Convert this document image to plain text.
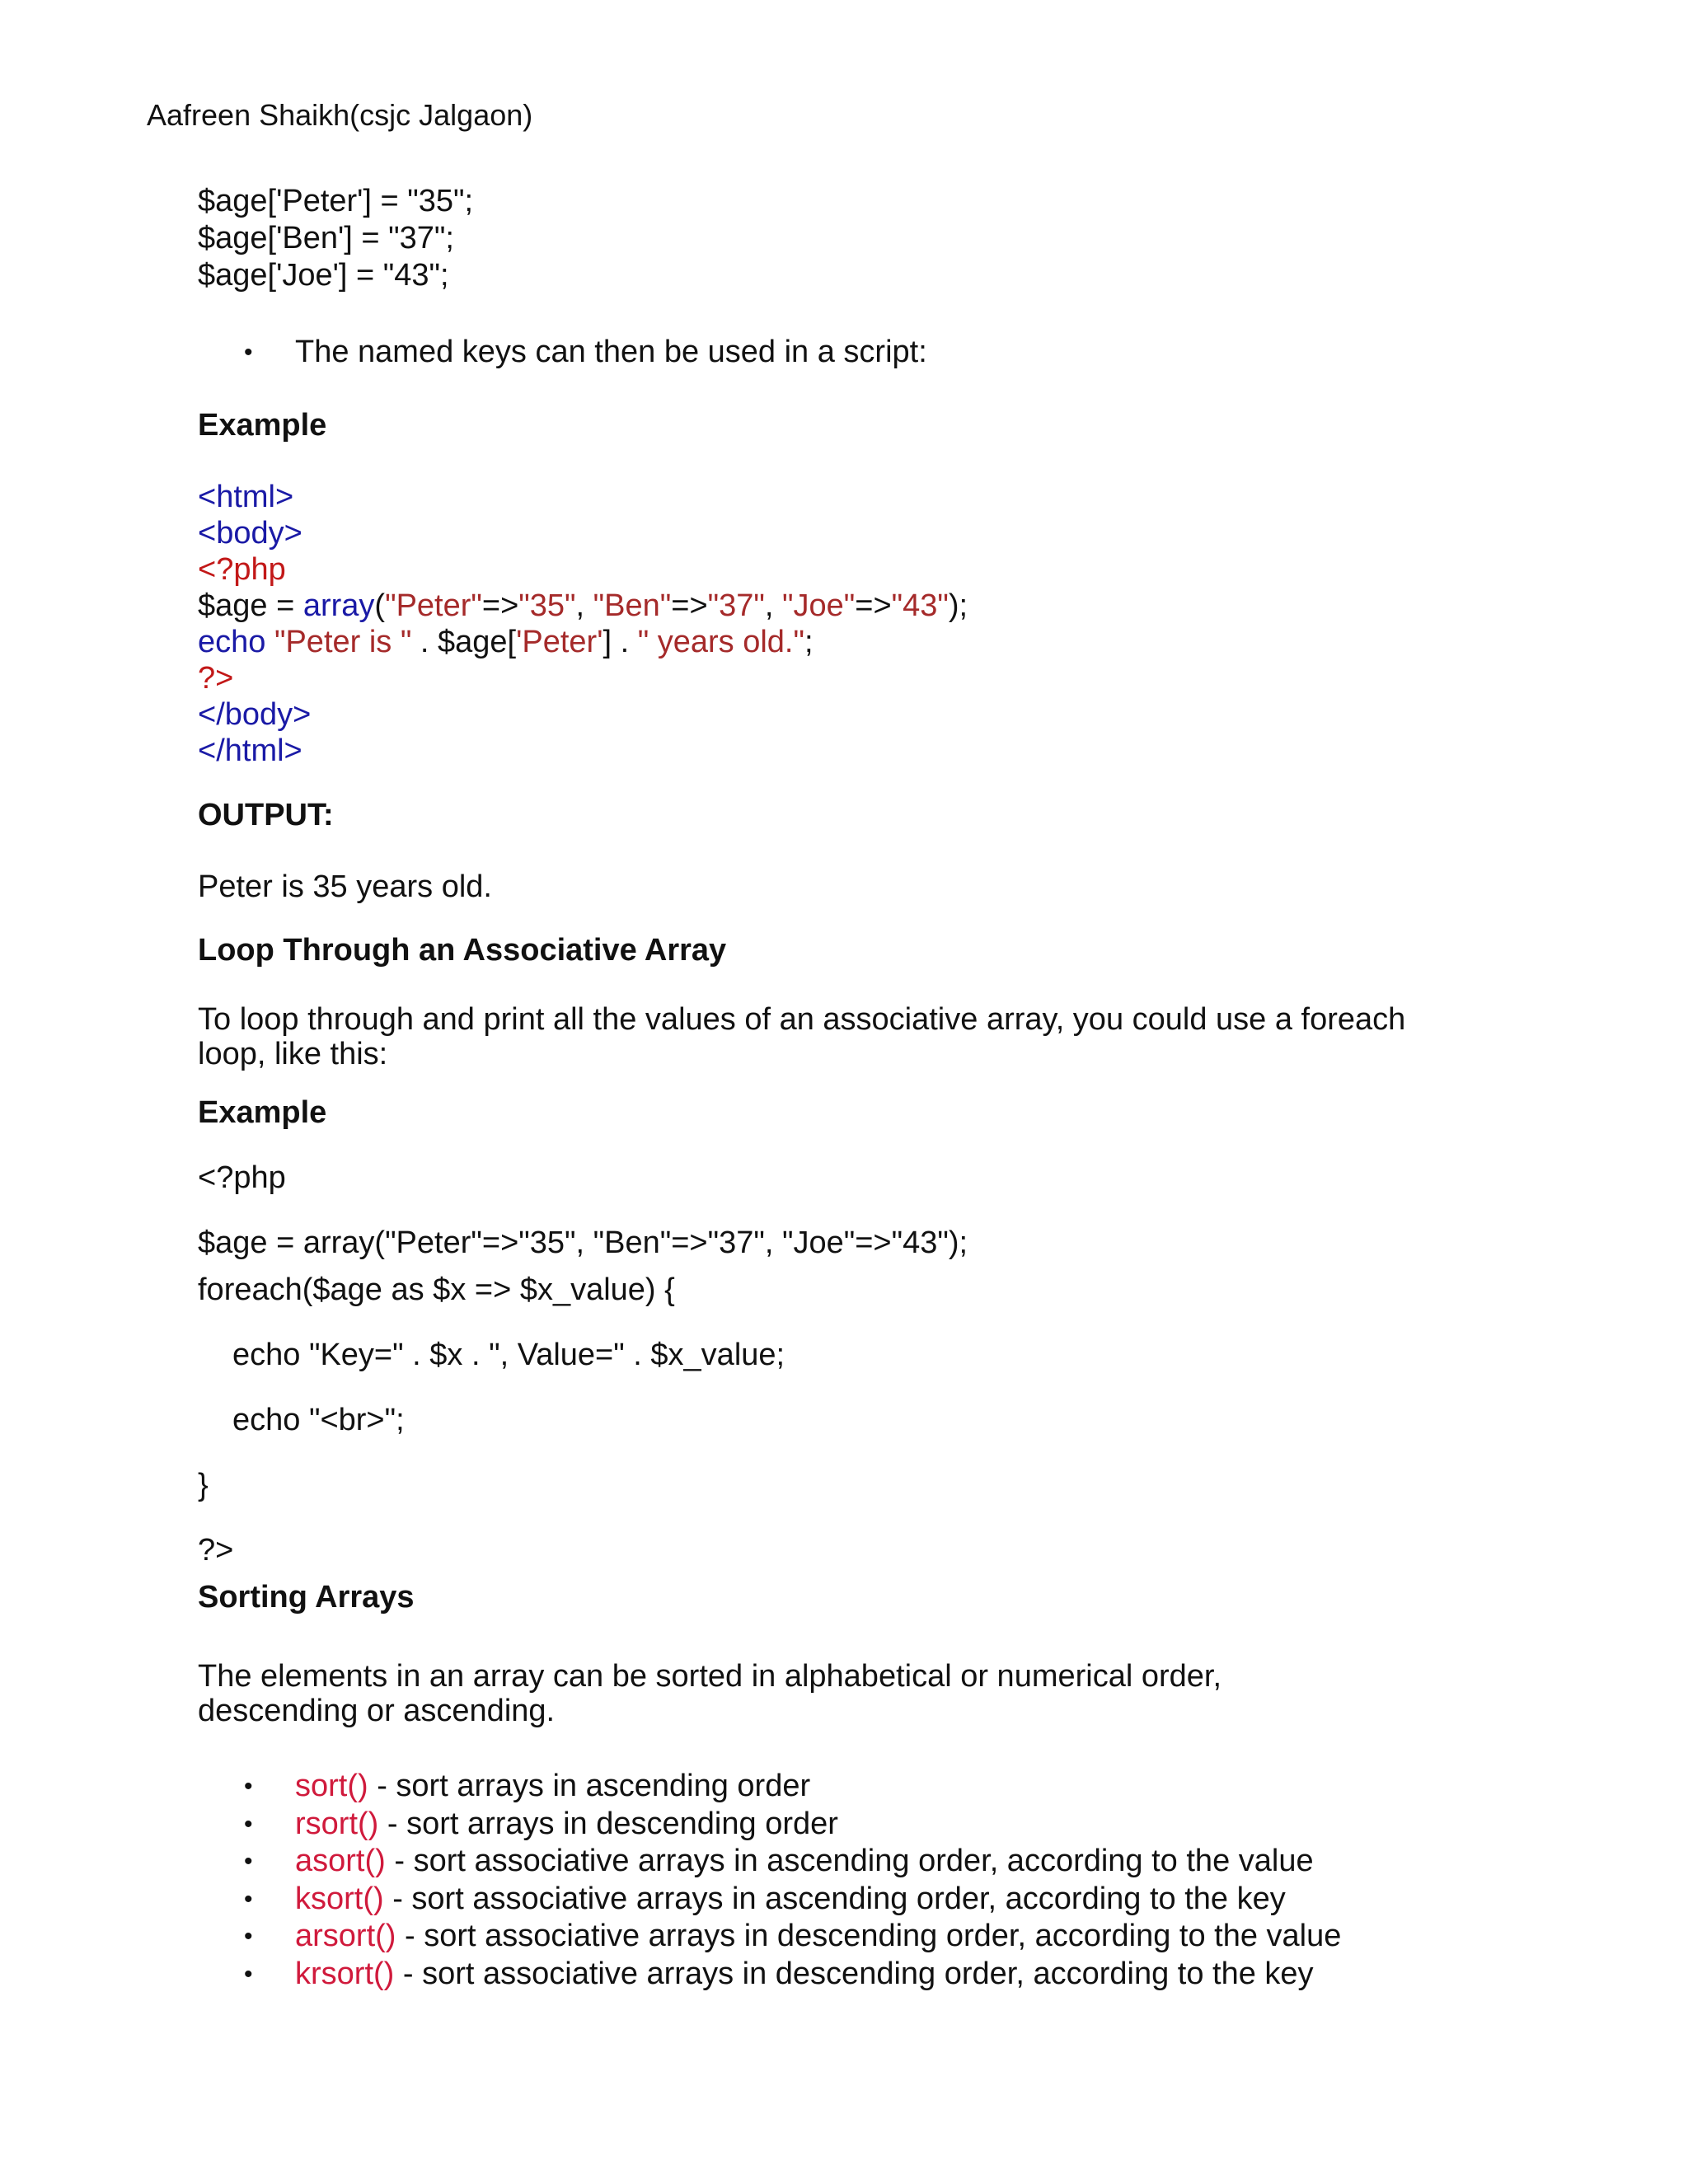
Aafreen Shaikh(csjc Jalgaon)
$age['Peter'] = "35";
$age['Ben'] = "37";
$age['Joe'] = "43";
• The named keys can then be used in a script:
Example
<html>
<body>
<?php
$age = array("Peter"=>"35", "Ben"=>"37", "Joe"=>"43");
echo "Peter is " . $age['Peter'] . " years old.";
?>
</body>
</html>
OUTPUT:
Peter is 35 years old.
Loop Through an Associative Array
To loop through and print all the values of an associative array, you could use a foreach
loop, like this:
Example
<?php
$age = array("Peter"=>"35", "Ben"=>"37", "Joe"=>"43");
foreach($age as $x => $x_value) {
echo "Key=" . $x . ", Value=" . $x_value;
echo "<br>";
}
?>
Sorting Arrays
The elements in an array can be sorted in alphabetical or numerical order,
descending or ascending.
• sort() - sort arrays in ascending order
• rsort() - sort arrays in descending order
• asort() - sort associative arrays in ascending order, according to the value
• ksort() - sort associative arrays in ascending order, according to the key
• arsort() - sort associative arrays in descending order, according to the value
• krsort() - sort associative arrays in descending order, according to the key
